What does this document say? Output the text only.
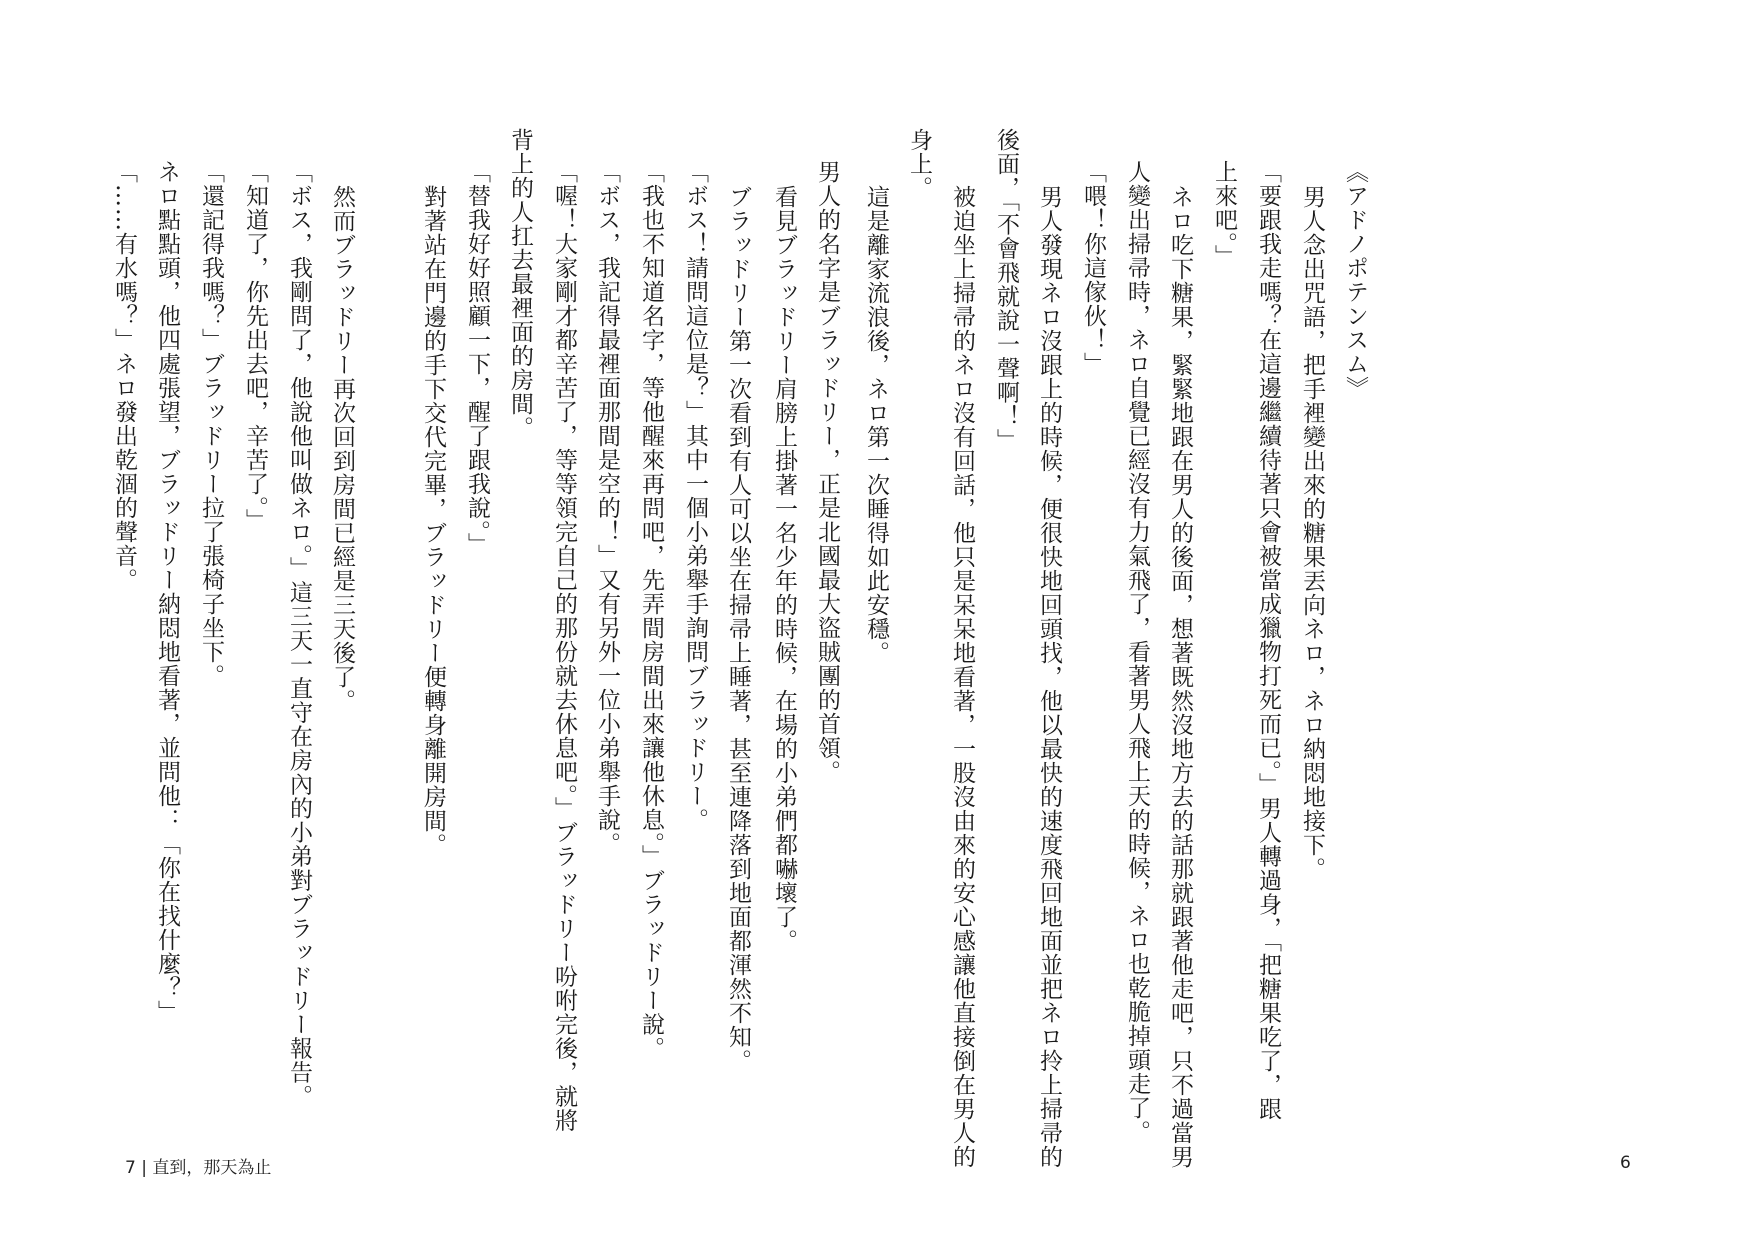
《アドノポテンスム》
男人念出咒語，把手裡變出來的糖果丟向ネロ，ネロ納悶地接下。
「要跟我走嗎？在這邊繼續待著只會被當成獵物打死而已。」男人轉過身，「把糖果吃了，跟
上來吧。」
ネロ吃下糖果，緊緊地跟在男人的後面，想著既然沒地方去的話那就跟著他走吧，只不過當男
人變出掃帚時，ネロ自覺已經沒有力氣飛了，看著男人飛上天的時候，ネロ也乾脆掉頭走了。
「喂！你這傢伙！」
男人發現ネロ沒跟上的時候，便很快地回頭找，他以最快的速度飛回地面並把ネロ拎上掃帚的
後面，「不會飛就說一聲啊！」
被迫坐上掃帚的ネロ沒有回話，他只是呆呆地看著，一股沒由來的安心感讓他直接倒在男人的
身上。
這是離家流浪後，ネロ第一次睡得如此安穩。
男人的名字是ブラッドリー，正是北國最大盜賊團的首領。
看見ブラッドリー肩膀上掛著一名少年的時候，在場的小弟們都嚇壞了。
ブラッドリー第一次看到有人可以坐在掃帚上睡著，甚至連降落到地面都渾然不知。
「ボス！請問這位是？」其中一個小弟舉手詢問ブラッドリー。
「我也不知道名字，等他醒來再問吧，先弄間房間出來讓他休息。」ブラッドリー說。
「ボス，我記得最裡面那間是空的！」又有另外一位小弟舉手說。
「喔！大家剛才都辛苦了，等等領完自己的那份就去休息吧。」ブラッドリー吩咐完後，就將
背上的人扛去最裡面的房間。
「替我好好照顧一下，醒了跟我說。」
對著站在門邊的手下交代完畢，ブラッドリー便轉身離開房間。
然而ブラッドリー再次回到房間已經是三天後了。
「ボス，我剛問了，他說他叫做ネロ。」這三天一直守在房內的小弟對ブラッドリー報告。
「知道了，你先出去吧，辛苦了。」
「還記得我嗎？」ブラッドリー拉了張椅子坐下。
ネロ點點頭，他四處張望，ブラッドリー納悶地看著，並問他：「你在找什麼？」
「……有水嗎？」ネロ發出乾涸的聲音。
7 | 直到，那天為止	6
